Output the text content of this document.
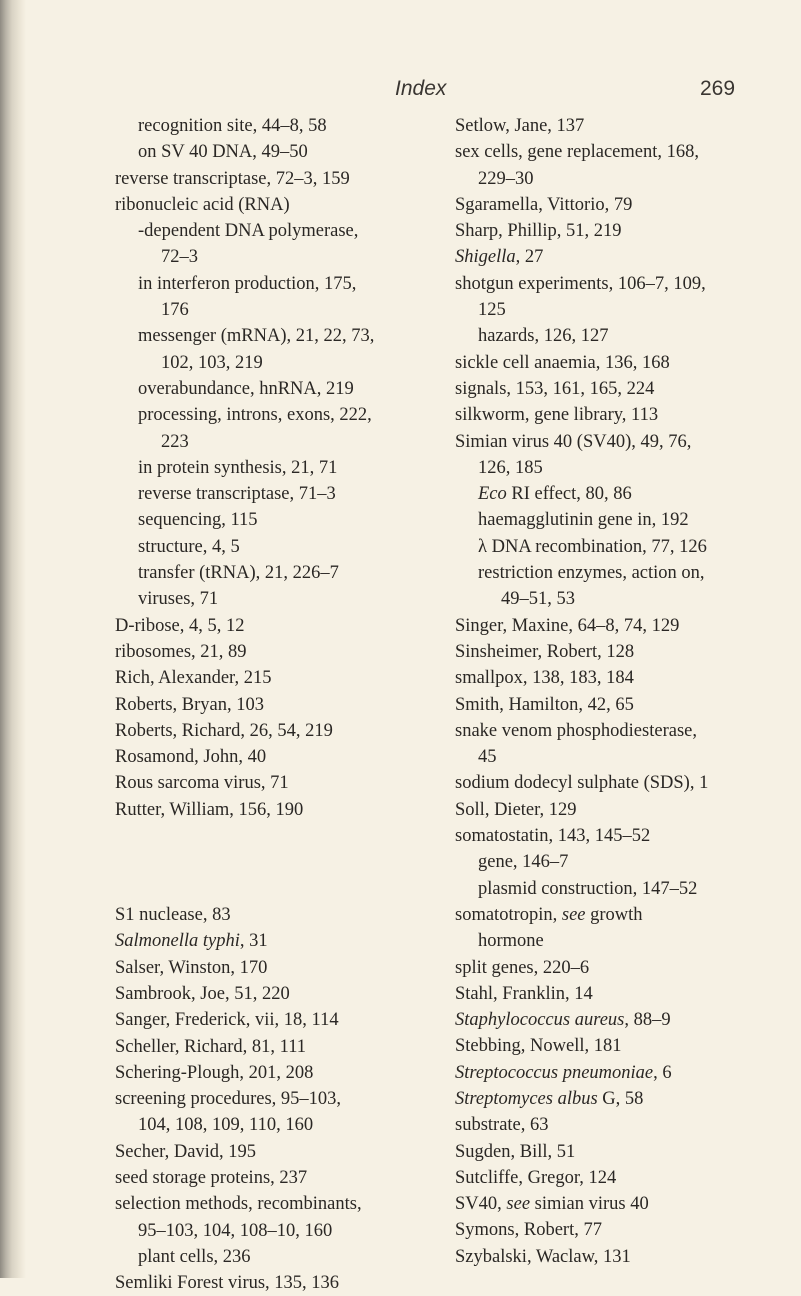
Index	269
recognition site, 44–8, 58
on SV 40 DNA, 49–50
reverse transcriptase, 72–3, 159
ribonucleic acid (RNA)
-dependent DNA polymerase,
72–3
in interferon production, 175,
176
messenger (mRNA), 21, 22, 73,
102, 103, 219
overabundance, hnRNA, 219
processing, introns, exons, 222,
223
in protein synthesis, 21, 71
reverse transcriptase, 71–3
sequencing, 115
structure, 4, 5
transfer (tRNA), 21, 226–7
viruses, 71
D-ribose, 4, 5, 12
ribosomes, 21, 89
Rich, Alexander, 215
Roberts, Bryan, 103
Roberts, Richard, 26, 54, 219
Rosamond, John, 40
Rous sarcoma virus, 71
Rutter, William, 156, 190
S1 nuclease, 83
Salmonella typhi, 31
Salser, Winston, 170
Sambrook, Joe, 51, 220
Sanger, Frederick, vii, 18, 114
Scheller, Richard, 81, 111
Schering-Plough, 201, 208
screening procedures, 95–103,
104, 108, 109, 110, 160
Secher, David, 195
seed storage proteins, 237
selection methods, recombinants,
95–103, 104, 108–10, 160
plant cells, 236
Semliki Forest virus, 135, 136
Setlow, Jane, 137
sex cells, gene replacement, 168,
229–30
Sgaramella, Vittorio, 79
Sharp, Phillip, 51, 219
Shigella, 27
shotgun experiments, 106–7, 109,
125
hazards, 126, 127
sickle cell anaemia, 136, 168
signals, 153, 161, 165, 224
silkworm, gene library, 113
Simian virus 40 (SV40), 49, 76,
126, 185
Eco RI effect, 80, 86
haemagglutinin gene in, 192
λ DNA recombination, 77, 126
restriction enzymes, action on,
49–51, 53
Singer, Maxine, 64–8, 74, 129
Sinsheimer, Robert, 128
smallpox, 138, 183, 184
Smith, Hamilton, 42, 65
snake venom phosphodiesterase,
45
sodium dodecyl sulphate (SDS), 1
Soll, Dieter, 129
somatostatin, 143, 145–52
gene, 146–7
plasmid construction, 147–52
somatotropin, see growth
hormone
split genes, 220–6
Stahl, Franklin, 14
Staphylococcus aureus, 88–9
Stebbing, Nowell, 181
Streptococcus pneumoniae, 6
Streptomyces albus G, 58
substrate, 63
Sugden, Bill, 51
Sutcliffe, Gregor, 124
SV40, see simian virus 40
Symons, Robert, 77
Szybalski, Waclaw, 131
